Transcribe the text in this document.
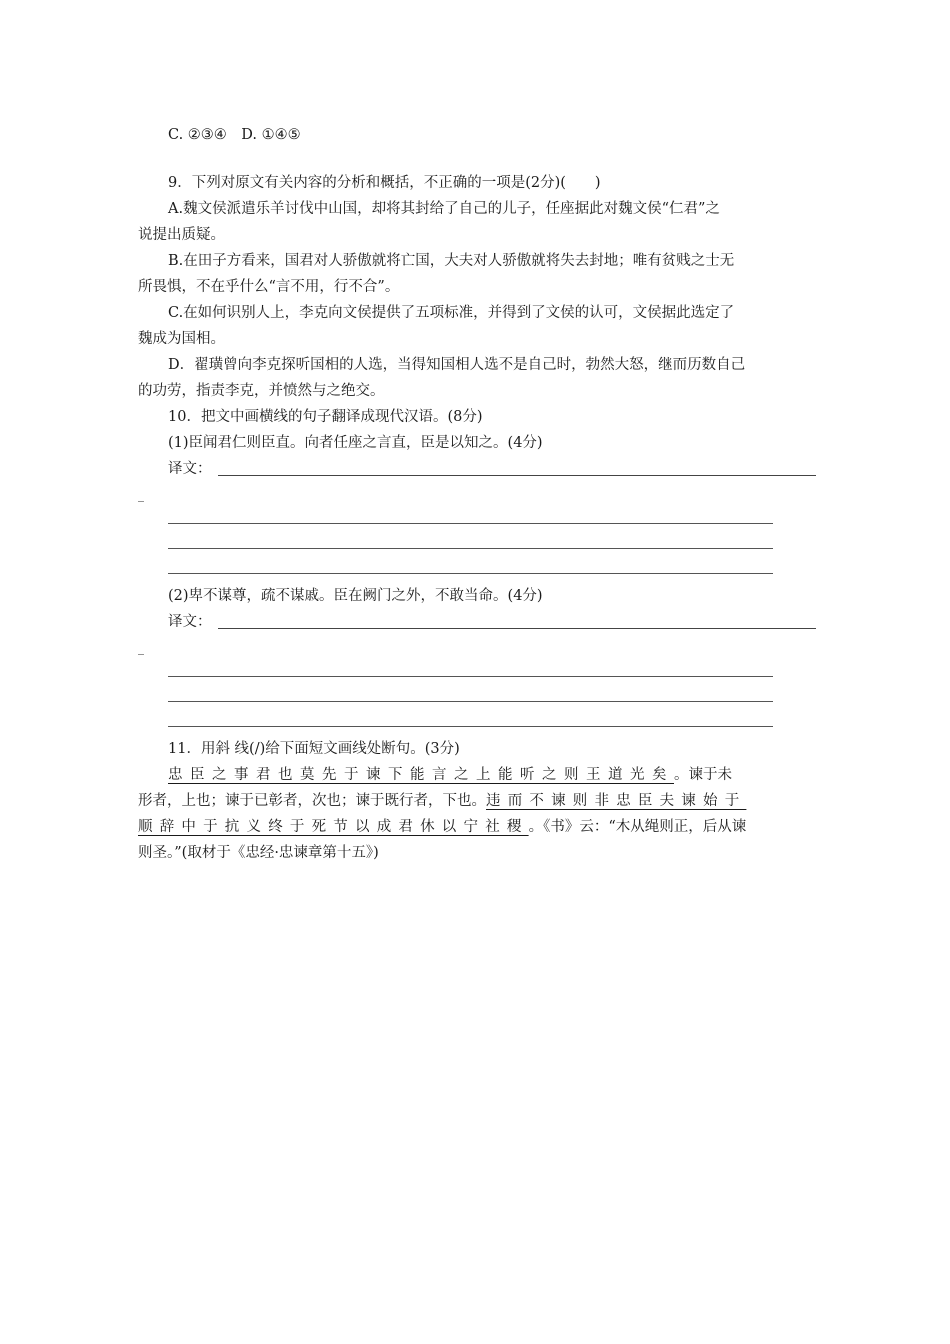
C. ②③④　D. ①④⑤
9．下列对原文有关内容的分析和概括，不正确的一项是(2分)(　　)
A.魏文侯派遣乐羊讨伐中山国，却将其封给了自己的儿子，任座据此对魏文侯“仁君”之
说提出质疑。
B.在田子方看来，国君对人骄傲就将亡国，大夫对人骄傲就将失去封地；唯有贫贱之士无
所畏惧，不在乎什么“言不用，行不合”。
C.在如何识别人上，李克向文侯提供了五项标准，并得到了文侯的认可，文侯据此选定了
魏成为国相。
D．翟璜曾向李克探听国相的人选，当得知国相人选不是自己时，勃然大怒，继而历数自己
的功劳，指责李克，并愤然与之绝交。
10．把文中画横线的句子翻译成现代汉语。(8分)
(1)臣闻君仁则臣直。向者任座之言直，臣是以知之。(4分)
译文：
_
(2)卑不谋尊，疏不谋戚。臣在阙门之外，不敢当命。(4分)
译文：
_
11．用斜 线(/)给下面短文画线处断句。(3分)
忠臣之事君也莫先于谏下能言之上能听之则王道光矣。谏于未
形者，上也；谏于已彰者，次也；谏于既行者，下也。违而不谏则非忠臣夫谏始于
顺辞中于抗义终于死节以成君休以宁社稷。《书》云：“木从绳则正，后从谏
则圣。”(取材于《忠经·忠谏章第十五》)
